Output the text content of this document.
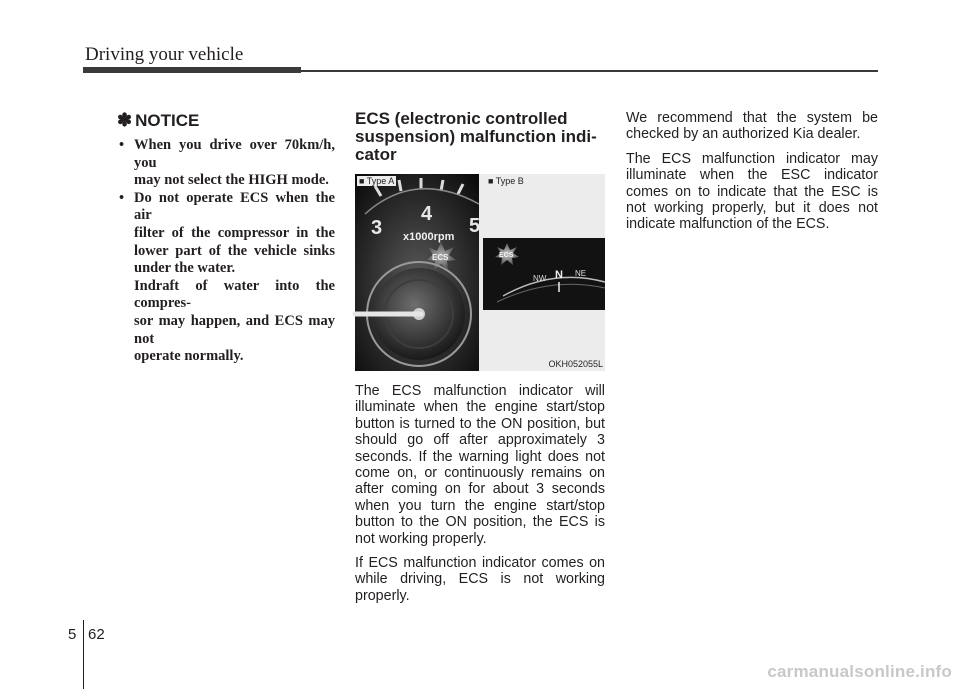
Driving your vehicle
✽ NOTICE
• When you drive over 70km/h, you
may not select the HIGH mode.
• Do not operate ECS when the air
filter of the compressor in the
lower part of the vehicle sinks
under the water.
Indraft of water into the compres-
sor may happen, and ECS may not
operate normally.
ECS (electronic controlled
suspension) malfunction indi-
cator
3
4
5
x1000rpm
ECS
■ Type A	■ Type B
ECS
NW N NE
OKH052055L

The ECS malfunction indicator will illuminate when the engine start/stop button is turned to the ON position, but should go off after approximately 3 seconds. If the warning light does not come on, or continuously remains on after coming on for about 3 seconds when you turn the engine start/stop button to the ON position, the ECS is not working properly.

If ECS malfunction indicator comes on while driving, ECS is not working properly.

We recommend that the system be checked by an authorized Kia dealer.

The ECS malfunction indicator may illuminate when the ESC indicator comes on to indicate that the ESC is not working properly, but it does not indicate malfunction of the ECS.

5 62
carmanualsonline.info
